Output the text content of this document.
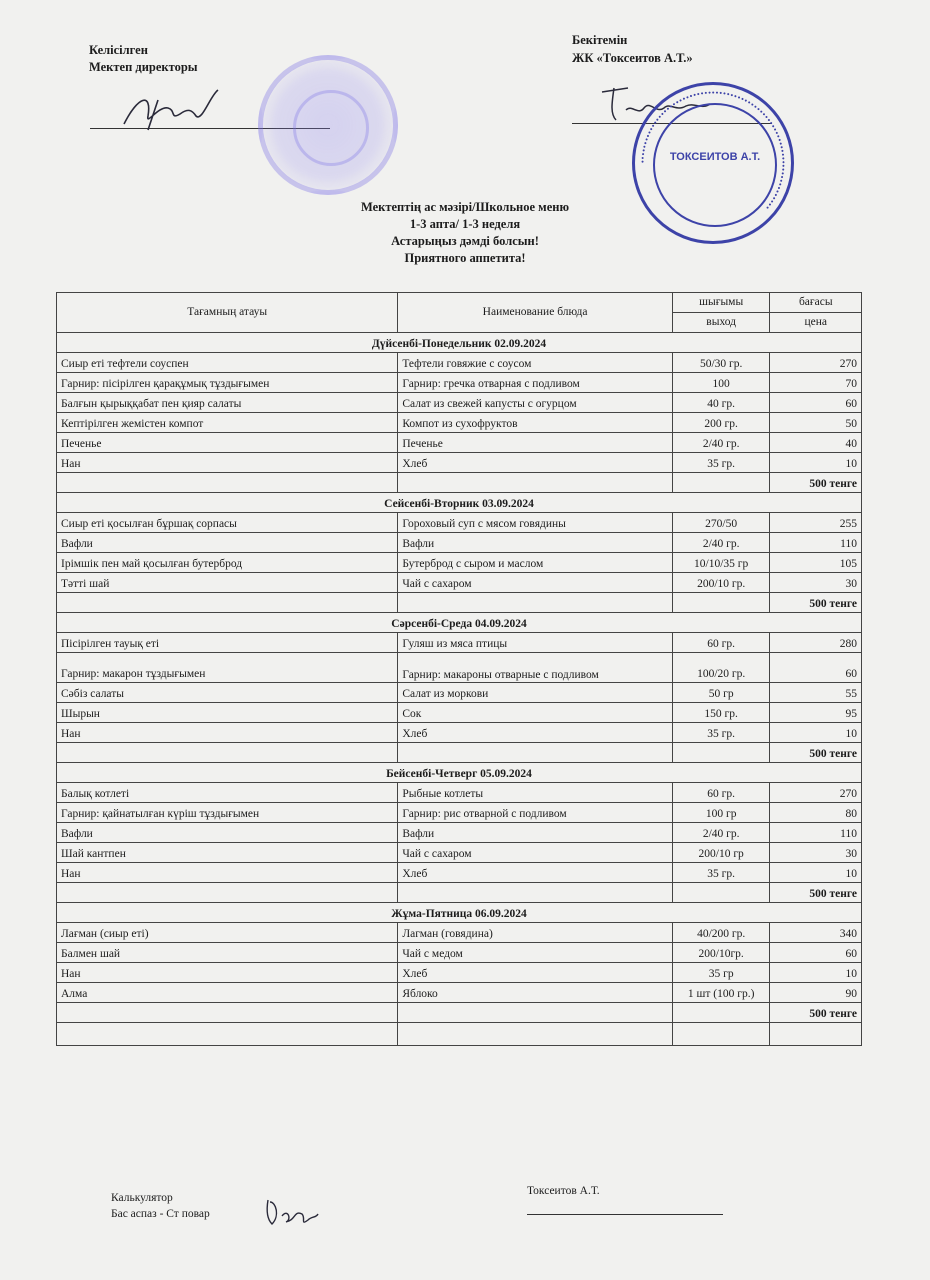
Келісілген
Мектеп директоры
Бекітемін
ЖК «Токсеитов А.Т.»
••••••••••••••••••••••••••••••••••••••••••••••••••••••••••••••••••••••••
ТОКСЕИТОВ А.Т.
Мектептің ас мәзірі/Школьное меню
1-3 апта/ 1-3 неделя
Астарыңыз дәмді болсын!
Приятного аппетита!
Тағамның атауы	Наименование блюда	шығымы	бағасы
		выход	цена
Дүйсенбі-Понедельник 02.09.2024			
Сиыр еті тефтели соуспен	Тефтели говяжие с соусом	50/30 гр.	270
Гарнир: пісірілген қарақұмық тұздығымен	Гарнир: гречка отварная с подливом	100	70
Балғын қырыққабат пен қияр салаты	Салат из свежей капусты с огурцом	40 гр.	60
Кептірілген жемістен компот	Компот из сухофруктов	200 гр.	50
Печенье	Печенье	2/40 гр.	40
Нан	Хлеб	35 гр.	10
			500 тенге
Сейсенбі-Вторник 03.09.2024			
Сиыр еті қосылған бұршақ сорпасы	Гороховый суп с мясом говядины	270/50	255
Вафли	Вафли	2/40 гр.	110
Ірімшік пен май қосылған бутерброд	Бутерброд с сыром и маслом	10/10/35 гр	105
Тәтті шай	Чай с сахаром	200/10 гр.	30
			500 тенге
Сәрсенбі-Среда 04.09.2024			
Пісірілген тауық еті	Гуляш из мяса птицы	60 гр.	280
Гарнир: макарон тұздығымен	Гарнир: макароны отварные с подливом	100/20 гр.	60
Сәбіз салаты	Салат из моркови	50 гр	55
Шырын	Сок	150 гр.	95
Нан	Хлеб	35 гр.	10
			500 тенге
Бейсенбі-Четверг 05.09.2024			
Балық котлеті	Рыбные котлеты	60 гр.	270
Гарнир: қайнатылған күріш тұздығымен	Гарнир: рис отварной с подливом	100 гр	80
Вафли	Вафли	2/40 гр.	110
Шай кантпен	Чай с сахаром	200/10 гр	30
Нан	Хлеб	35 гр.	10
			500 тенге
Жұма-Пятница 06.09.2024			
Лағман (сиыр еті)	Лагман (говядина)	40/200 гр.	340
Балмен шай	Чай с медом	200/10гр.	60
Нан	Хлеб	35 гр	10
Алма	Яблоко	1 шт (100 гр.)	90
			500 тенге

Калькулятор
Бас аспаз - Ст повар
Токсеитов А.Т.
